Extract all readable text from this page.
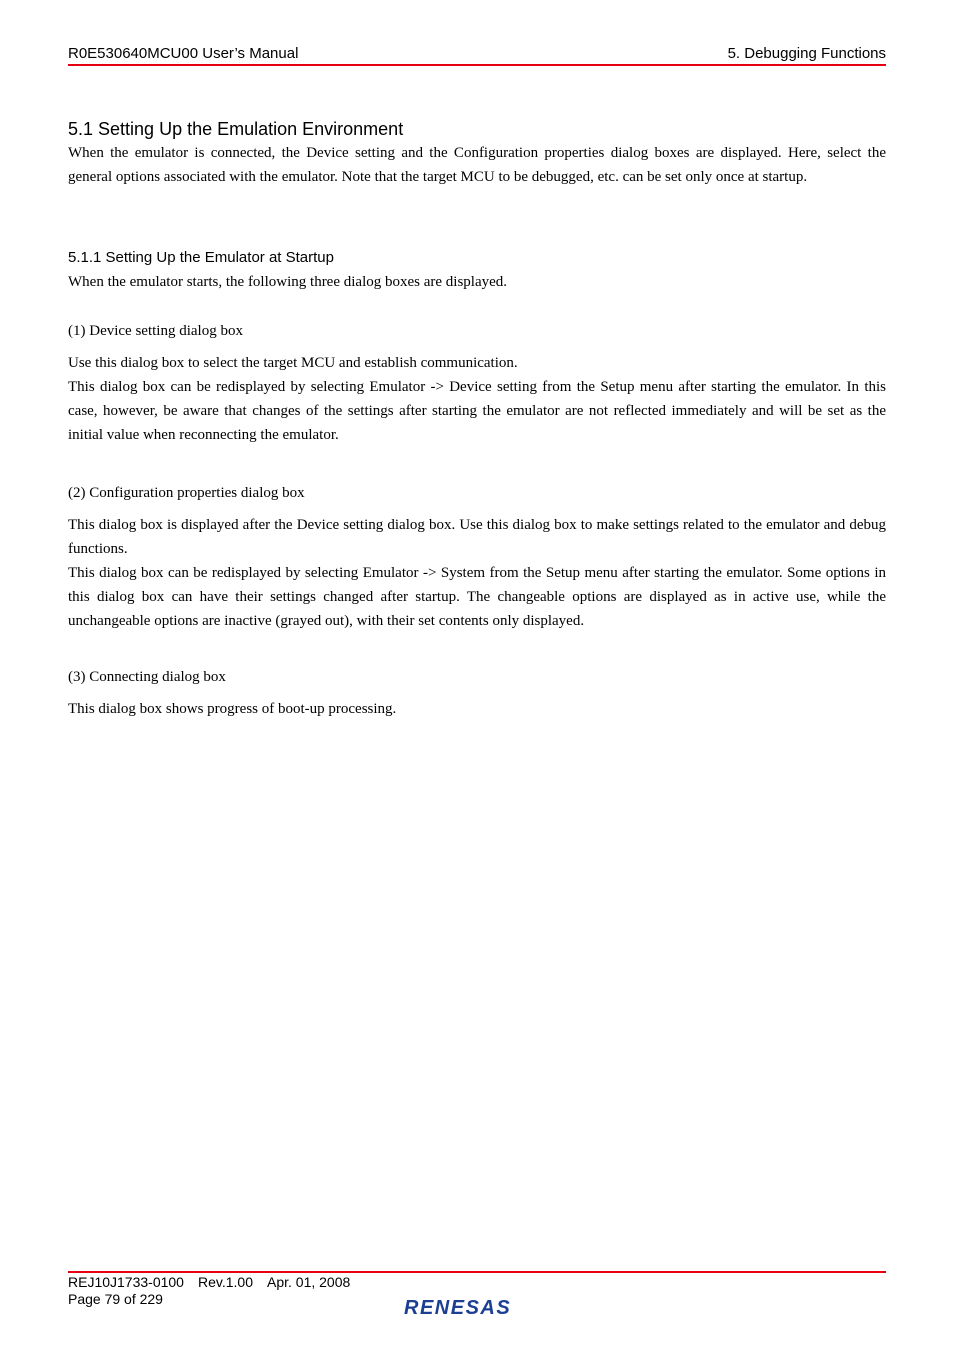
R0E530640MCU00 User’s Manual	5. Debugging Functions
5.1 Setting Up the Emulation Environment

When the emulator is connected, the Device setting and the Configuration properties dialog boxes are displayed. Here, select the general options associated with the emulator. Note that the target MCU to be debugged, etc. can be set only once at startup.

5.1.1 Setting Up the Emulator at Startup

When the emulator starts, the following three dialog boxes are displayed.

(1) Device setting dialog box

Use this dialog box to select the target MCU and establish communication.

This dialog box can be redisplayed by selecting Emulator -> Device setting from the Setup menu after starting the emulator. In this case, however, be aware that changes of the settings after starting the emulator are not reflected immediately and will be set as the initial value when reconnecting the emulator.

(2) Configuration properties dialog box

This dialog box is displayed after the Device setting dialog box. Use this dialog box to make settings related to the emulator and debug functions.

This dialog box can be redisplayed by selecting Emulator -> System from the Setup menu after starting the emulator. Some options in this dialog box can have their settings changed after startup. The changeable options are displayed as in active use, while the unchangeable options are inactive (grayed out), with their set contents only displayed.

(3) Connecting dialog box

This dialog box shows progress of boot-up processing.

REJ10J1733-0100 Rev.1.00 Apr. 01, 2008
Page 79 of 229	RENESAS
